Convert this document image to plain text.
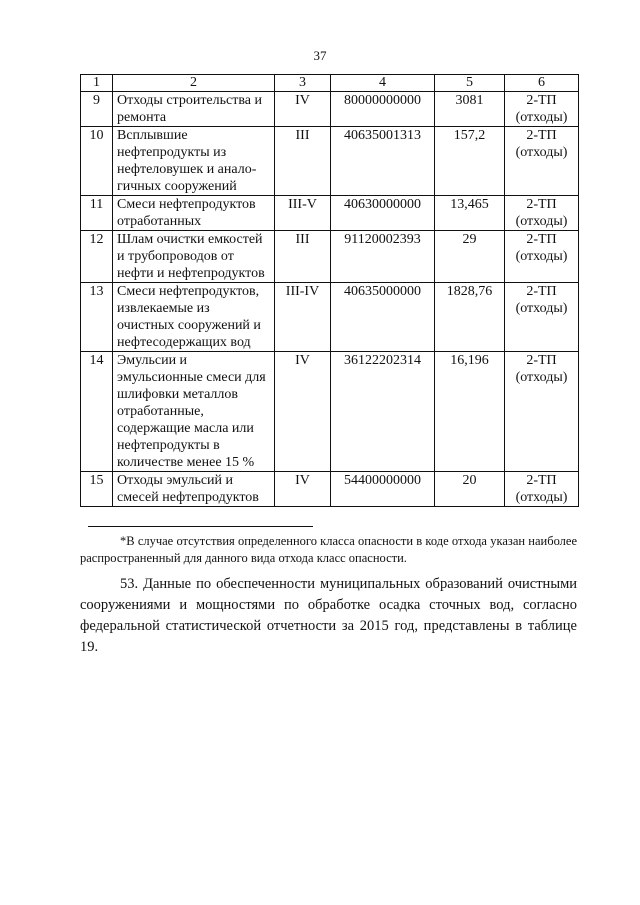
37
1	2	3	4	5	6
9	Отходы строительства и ремонта	IV	80000000000	3081	2-ТП
(отходы)

10	Всплывшие нефтепродукты из нефтеловушек и анало-гичных сооружений	III	40635001313	157,2	2-ТП
(отходы)

11	Смеси нефтепродуктов отработанных	III-V	40630000000	13,465	2-ТП
(отходы)

12	Шлам очистки емкостей и трубопроводов от нефти и нефтепродуктов	III	91120002393	29	2-ТП
(отходы)

13	Смеси нефтепродуктов, извлекаемые из очистных сооружений и нефтесодержащих вод	III-IV	40635000000	1828,76	2-ТП
(отходы)

14	Эмульсии и эмульсионные смеси для шлифовки металлов отработанные, содержащие масла или нефтепродукты в количестве менее 15 %	IV	36122202314	16,196	2-ТП
(отходы)

15	Отходы эмульсий и смесей нефтепродуктов	IV	54400000000	20	2-ТП
(отходы)
*В случае отсутствия определенного класса опасности в коде отхода указан наиболее распространенный для данного вида отхода класс опасности.
53. Данные по обеспеченности муниципальных образований очистными сооружениями и мощностями по обработке осадка сточных вод, согласно федеральной статистической отчетности за 2015 год, представлены в таблице 19.
